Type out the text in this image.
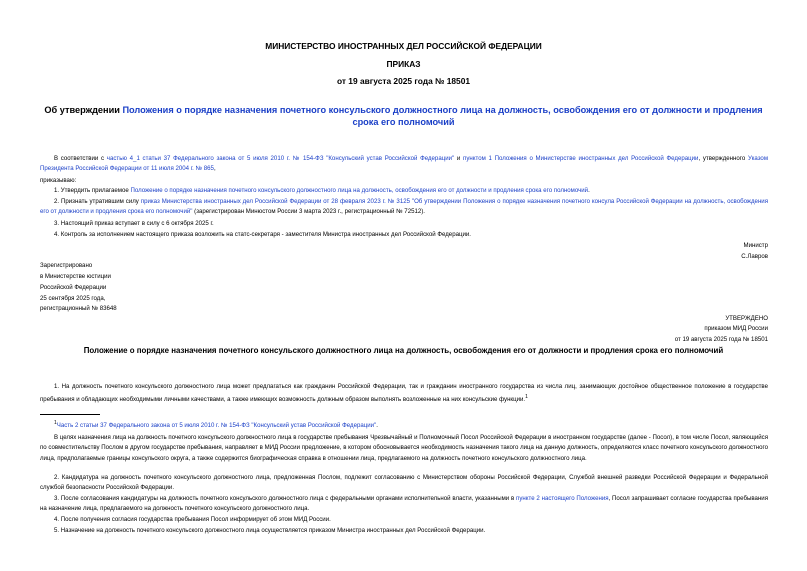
МИНИСТЕРСТВО ИНОСТРАННЫХ ДЕЛ РОССИЙСКОЙ ФЕДЕРАЦИИ
ПРИКАЗ
от 19 августа 2025 года № 18501
Об утверждении Положения о порядке назначения почетного консульского должностного лица на должность, освобождения его от должности и продления срока его полномочий
В соответствии с частью 4_1 статьи 37 Федерального закона от 5 июля 2010 г. № 154-ФЗ "Консульский устав Российской Федерации" и пунктом 1 Положения о Министерстве иностранных дел Российской Федерации, утвержденного Указом Президента Российской Федерации от 11 июля 2004 г. № 865,
приказываю:
1. Утвердить прилагаемое Положение о порядке назначения почетного консульского должностного лица на должность, освобождения его от должности и продления срока его полномочий.
2. Признать утратившим силу приказ Министерства иностранных дел Российской Федерации от 28 февраля 2023 г. № 3125 "Об утверждении Положения о порядке назначения почетного консула Российской Федерации на должность, освобождения его от должности и продления срока его полномочий" (зарегистрирован Минюстом России 3 марта 2023 г., регистрационный № 72512).
3. Настоящий приказ вступает в силу с 6 октября 2025 г.
4. Контроль за исполнением настоящего приказа возложить на статс-секретаря - заместителя Министра иностранных дел Российской Федерации.
Министр
С.Лавров
Зарегистрировано
в Министерстве юстиции
Российской Федерации
25 сентября 2025 года,
регистрационный № 83648
УТВЕРЖДЕНО
приказом МИД России
от 19 августа 2025 года № 18501
Положение о порядке назначения почетного консульского должностного лица на должность, освобождения его от должности и продления срока его полномочий
1. На должность почетного консульского должностного лица может предлагаться как гражданин Российской Федерации, так и гражданин иностранного государства из числа лиц, занимающих достойное общественное положение в государстве пребывания и обладающих необходимыми личными качествами, а также имеющих возможность должным образом выполнять возложенные на них консульские функции.$^1$
$^1$Часть 2 статьи 37 Федерального закона от 5 июля 2010 г. № 154-ФЗ "Консульский устав Российской Федерации".
В целях назначения лица на должность почетного консульского должностного лица в государстве пребывания Чрезвычайный и Полномочный Посол Российской Федерации в иностранном государстве (далее - Посол), в том числе Посол, являющийся по совместительству Послом в другом государстве пребывания, направляет в МИД России предложение, в котором обосновывается необходимость назначения такого лица на данную должность, определяются класс почетного консульского должностного лица, предполагаемые границы консульского округа, а также содержится биографическая справка в отношении лица, предлагаемого на должность почетного консульского должностного лица.
2. Кандидатура на должность почетного консульского должностного лица, предложенная Послом, подлежит согласованию с Министерством обороны Российской Федерации, Службой внешней разведки Российской Федерации и Федеральной службой безопасности Российской Федерации.
3. После согласования кандидатуры на должность почетного консульского должностного лица с федеральными органами исполнительной власти, указанными в пункте 2 настоящего Положения, Посол запрашивает согласие государства пребывания на назначение лица, предлагаемого на должность почетного консульского должностного лица.
4. После получения согласия государства пребывания Посол информирует об этом МИД России.
5. Назначение на должность почетного консульского должностного лица осуществляется приказом Министра иностранных дел Российской Федерации.
